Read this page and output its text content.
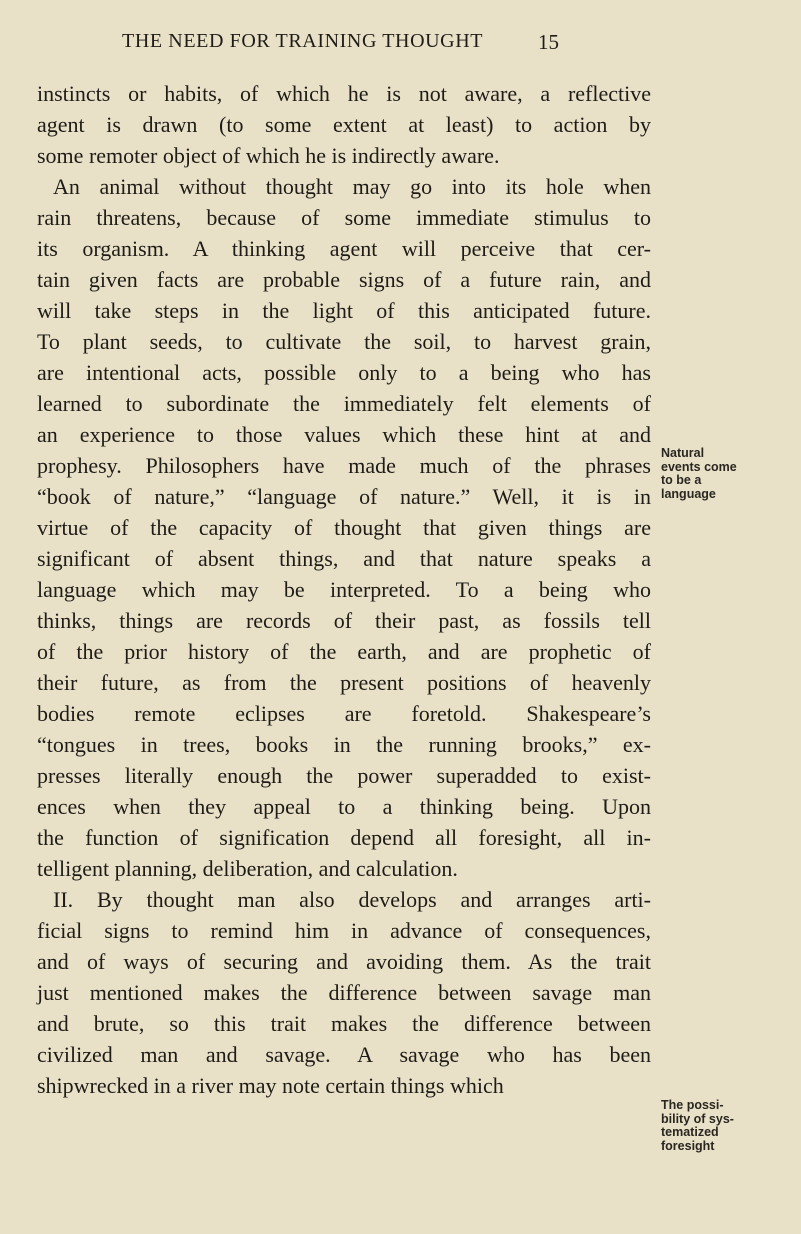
THE NEED FOR TRAINING THOUGHT	15
instincts or habits, of which he is not aware, a reflective
agent is drawn (to some extent at least) to action by
some remoter object of which he is indirectly aware.
An animal without thought may go into its hole when
rain threatens, because of some immediate stimulus to
its organism. A thinking agent will perceive that cer-
tain given facts are probable signs of a future rain, and
will take steps in the light of this anticipated future.
To plant seeds, to cultivate the soil, to harvest grain,
are intentional acts, possible only to a being who has
learned to subordinate the immediately felt elements of
an experience to those values which these hint at and
prophesy. Philosophers have made much of the phrases
“book of nature,” “language of nature.” Well, it is in
virtue of the capacity of thought that given things are
significant of absent things, and that nature speaks a
language which may be interpreted. To a being who
thinks, things are records of their past, as fossils tell
of the prior history of the earth, and are prophetic of
their future, as from the present positions of heavenly
bodies remote eclipses are foretold. Shakespeare’s
“tongues in trees, books in the running brooks,” ex-
presses literally enough the power superadded to exist-
ences when they appeal to a thinking being. Upon
the function of signification depend all foresight, all in-
telligent planning, deliberation, and calculation.
II. By thought man also develops and arranges arti-
ficial signs to remind him in advance of consequences,
and of ways of securing and avoiding them. As the trait
just mentioned makes the difference between savage man
and brute, so this trait makes the difference between
civilized man and savage. A savage who has been
shipwrecked in a river may note certain things which
Natural
events come
to be a
language
The possi-
bility of sys-
tematized
foresight
